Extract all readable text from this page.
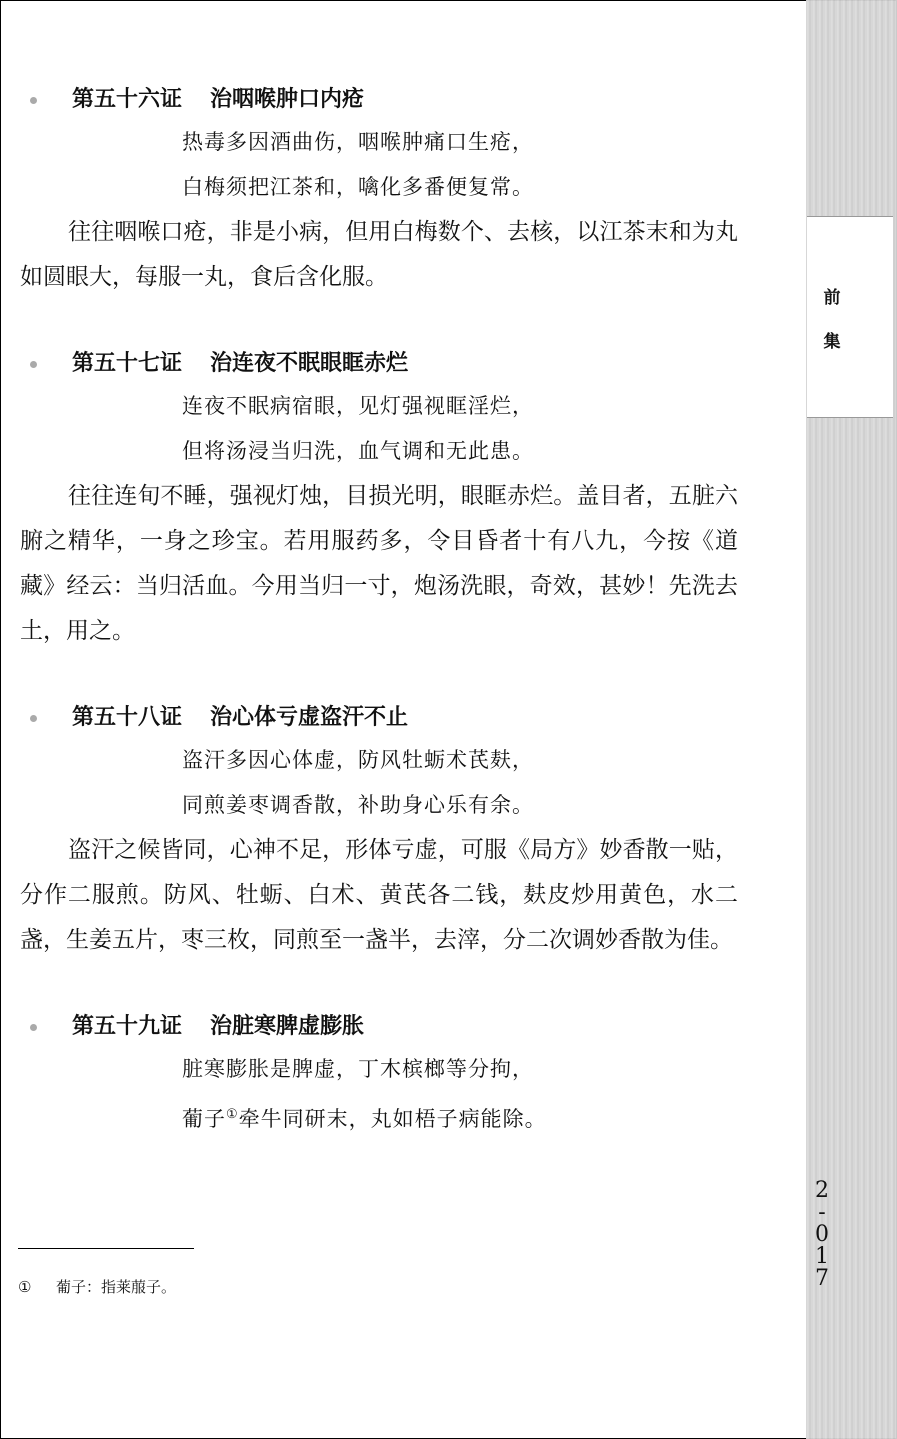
前
集
2
-
0
1
7
第五十六证 治咽喉肿口内疮
热毒多因酒曲伤，咽喉肿痛口生疮，
白梅须把江茶和，噙化多番便复常。

往往咽喉口疮，非是小病，但用白梅数个、去核，以江茶末和为丸如圆眼大，每服一丸，食后含化服。

第五十七证 治连夜不眠眼眶赤烂
连夜不眠病宿眼，见灯强视眶淫烂，
但将汤浸当归洗，血气调和无此患。

往往连旬不睡，强视灯烛，目损光明，眼眶赤烂。盖目者，五脏六腑之精华，一身之珍宝。若用服药多，令目昏者十有八九，今按《道藏》经云：当归活血。今用当归一寸，炮汤洗眼，奇效，甚妙！先洗去土，用之。

第五十八证 治心体亏虚盗汗不止
盗汗多因心体虚，防风牡蛎术芪麸，
同煎姜枣调香散，补助身心乐有余。

盗汗之候皆同，心神不足，形体亏虚，可服《局方》妙香散一贴，分作二服煎。防风、牡蛎、白术、黄芪各二钱，麸皮炒用黄色，水二盏，生姜五片，枣三枚，同煎至一盏半，去滓，分二次调妙香散为佳。

第五十九证 治脏寒脾虚膨胀
脏寒膨胀是脾虚，丁木槟榔等分拘，
葡子①牵牛同研末，丸如梧子病能除。
① 葡子：指莱菔子。
